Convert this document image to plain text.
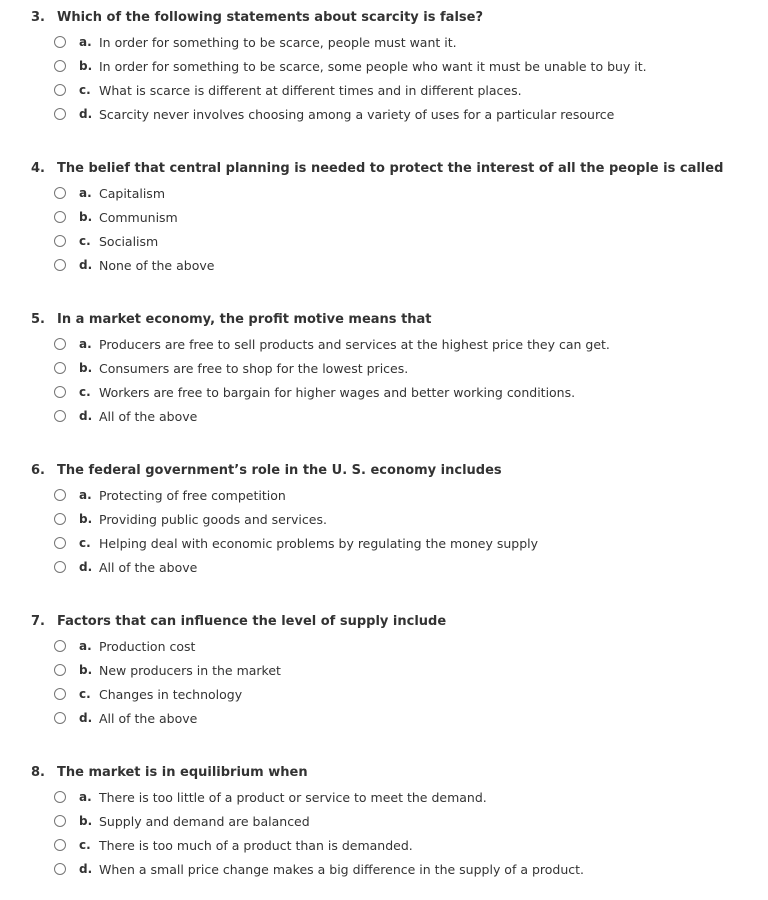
3. Which of the following statements about scarcity is false?
a. In order for something to be scarce, people must want it.
b. In order for something to be scarce, some people who want it must be unable to buy it.
c. What is scarce is different at different times and in different places.
d. Scarcity never involves choosing among a variety of uses for a particular resource
4. The belief that central planning is needed to protect the interest of all the people is called
a. Capitalism
b. Communism
c. Socialism
d. None of the above
5. In a market economy, the profit motive means that
a. Producers are free to sell products and services at the highest price they can get.
b. Consumers are free to shop for the lowest prices.
c. Workers are free to bargain for higher wages and better working conditions.
d. All of the above
6. The federal government’s role in the U. S. economy includes
a. Protecting of free competition
b. Providing public goods and services.
c. Helping deal with economic problems by regulating the money supply
d. All of the above
7. Factors that can influence the level of supply include
a. Production cost
b. New producers in the market
c. Changes in technology
d. All of the above
8. The market is in equilibrium when
a. There is too little of a product or service to meet the demand.
b. Supply and demand are balanced
c. There is too much of a product than is demanded.
d. When a small price change makes a big difference in the supply of a product.
